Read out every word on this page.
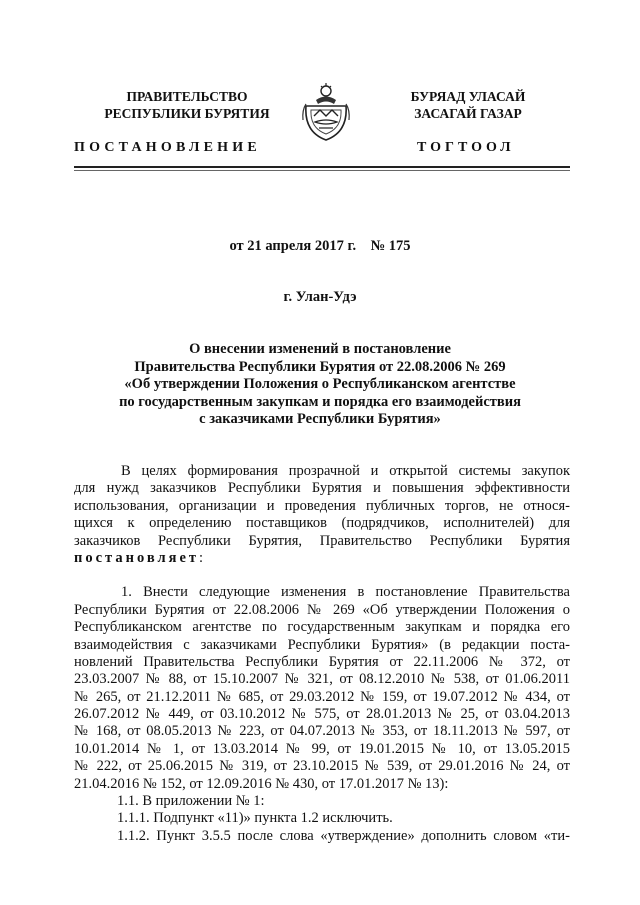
ПРАВИТЕЛЬСТВО
РЕСПУБЛИКИ БУРЯТИЯ
БУРЯАД УЛАСАЙ
ЗАСАГАЙ ГАЗАР
ПОСТАНОВЛЕНИЕ	ТОГТООЛ
от 21 апреля 2017 г.    № 175
г. Улан-Удэ
О внесении изменений в постановление
Правительства Республики Бурятия от 22.08.2006 № 269
«Об утверждении Положения о Республиканском агентстве
по государственным закупкам и порядка его взаимодействия
с заказчиками Республики Бурятия»
В целях формирования прозрачной и открытой системы закупок
для нужд заказчиков Республики Бурятия и повышения эффективности
использования, организации и проведения публичных торгов, не относя-
щихся к определению поставщиков (подрядчиков, исполнителей) для
заказчиков Республики Бурятия, Правительство Республики Бурятия
постановляет:
1. Внести следующие изменения в постановление Правительства
Республики Бурятия от 22.08.2006 № 269 «Об утверждении Положения о
Республиканском агентстве по государственным закупкам и порядка его
взаимодействия с заказчиками Республики Бурятия» (в редакции поста-
новлений Правительства Республики Бурятия от 22.11.2006 № 372, от
23.03.2007 № 88, от 15.10.2007 № 321, от 08.12.2010 № 538, от 01.06.2011
№ 265, от 21.12.2011 № 685, от 29.03.2012 № 159, от 19.07.2012 № 434, от
26.07.2012 № 449, от 03.10.2012 № 575, от 28.01.2013 № 25, от 03.04.2013
№ 168, от 08.05.2013 № 223, от 04.07.2013 № 353, от 18.11.2013 № 597, от
10.01.2014 № 1, от 13.03.2014 № 99, от 19.01.2015 № 10, от 13.05.2015
№ 222, от 25.06.2015 № 319, от 23.10.2015 № 539, от 29.01.2016 № 24, от
21.04.2016 № 152, от 12.09.2016 № 430, от 17.01.2017 № 13):
1.1. В приложении № 1:
1.1.1. Подпункт «11)» пункта 1.2 исключить.
1.1.2. Пункт 3.5.5 после слова «утверждение» дополнить словом «ти-
